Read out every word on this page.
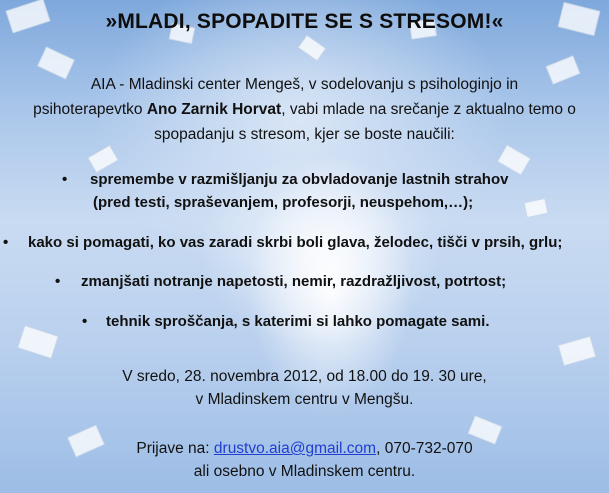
»MLADI, SPOPADITE SE S STRESOM!«
AIA - Mladinski center Mengeš, v sodelovanju s psihologinjo in
psihoterapevtko Ano Zarnik Horvat, vabi mlade na srečanje z aktualno temo o
spopadanju s stresom, kjer se boste naučili:
• spremembe v razmišljanju za obvladovanje lastnih strahov
(pred testi, spraševanjem, profesorji, neuspehom,…);
• kako si pomagati, ko vas zaradi skrbi boli glava, želodec, tišči v prsih, grlu;
• zmanjšati notranje napetosti, nemir, razdražljivost, potrtost;
• tehnik sproščanja, s katerimi si lahko pomagate sami.
V sredo, 28. novembra 2012, od 18.00 do 19. 30 ure,
v Mladinskem centru v Mengšu.
Prijave na: drustvo.aia@gmail.com, 070-732-070
ali osebno v Mladinskem centru.
